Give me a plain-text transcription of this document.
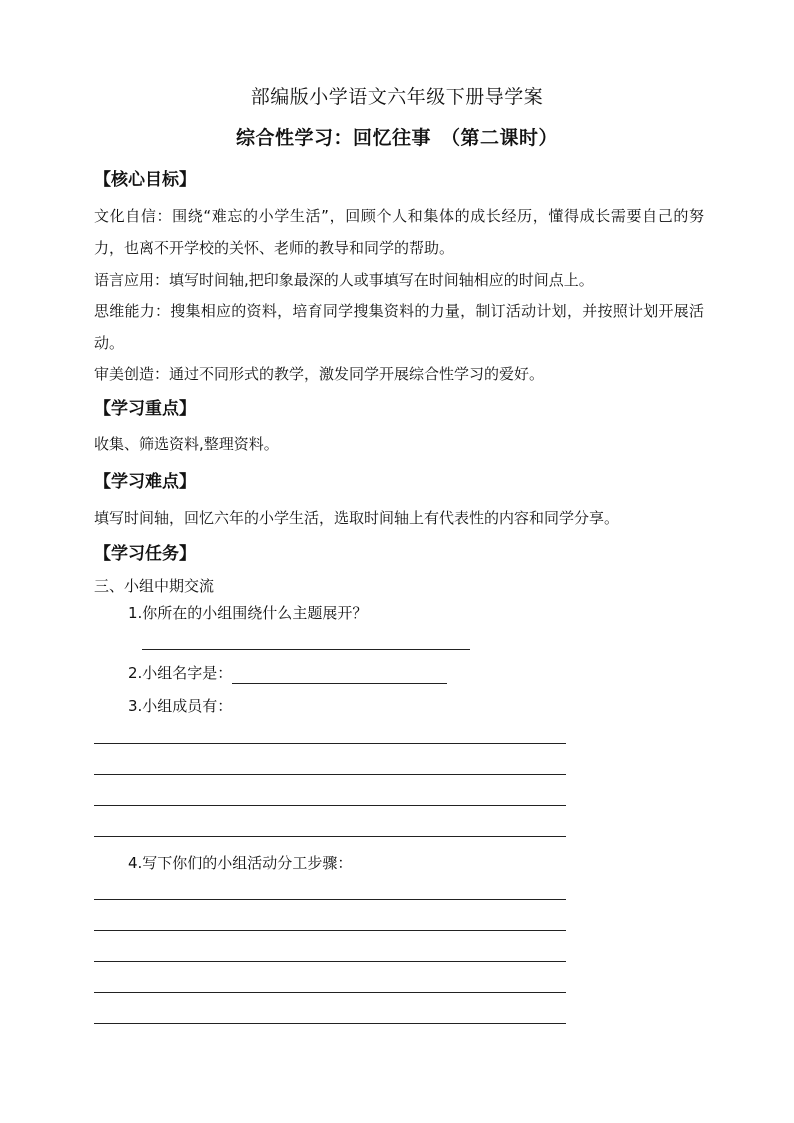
部编版小学语文六年级下册导学案
综合性学习：回忆往事　（第二课时）
【核心目标】
文化自信：围绕“难忘的小学生活”，回顾个人和集体的成长经历，懂得成长需要自己的努力，也离不开学校的关怀、老师的教导和同学的帮助。
语言应用：填写时间轴,把印象最深的人或事填写在时间轴相应的时间点上。
思维能力：搜集相应的资料，培育同学搜集资料的力量，制订活动计划，并按照计划开展活动。
审美创造：通过不同形式的教学，激发同学开展综合性学习的爱好。
【学习重点】
收集、筛选资料,整理资料。
【学习难点】
填写时间轴，回忆六年的小学生活，选取时间轴上有代表性的内容和同学分享。
【学习任务】
三、小组中期交流
1.你所在的小组围绕什么主题展开？
2.小组名字是：
3.小组成员有：
4.写下你们的小组活动分工步骤：
